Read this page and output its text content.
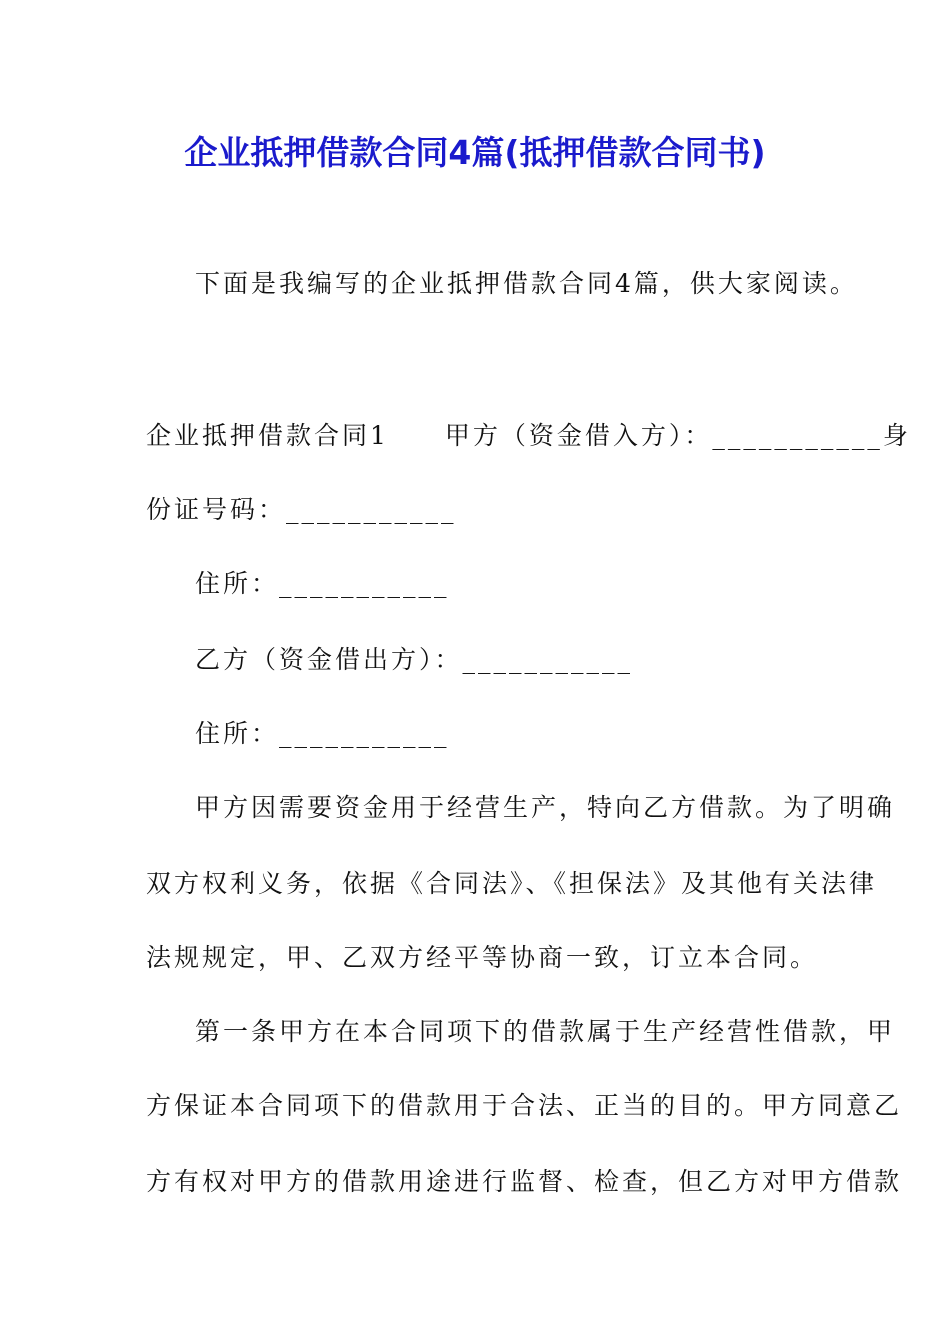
企业抵押借款合同4篇(抵押借款合同书)
下面是我编写的企业抵押借款合同4篇，供大家阅读。
企业抵押借款合同1　　甲方（资金借入方）：___________身
份证号码：___________
住所：___________
乙方（资金借出方）：___________
住所：___________
甲方因需要资金用于经营生产，特向乙方借款。为了明确
双方权利义务，依据《合同法》、《担保法》及其他有关法律
法规规定，甲、乙双方经平等协商一致，订立本合同。
第一条甲方在本合同项下的借款属于生产经营性借款，甲
方保证本合同项下的借款用于合法、正当的目的。甲方同意乙
方有权对甲方的借款用途进行监督、检查，但乙方对甲方借款
